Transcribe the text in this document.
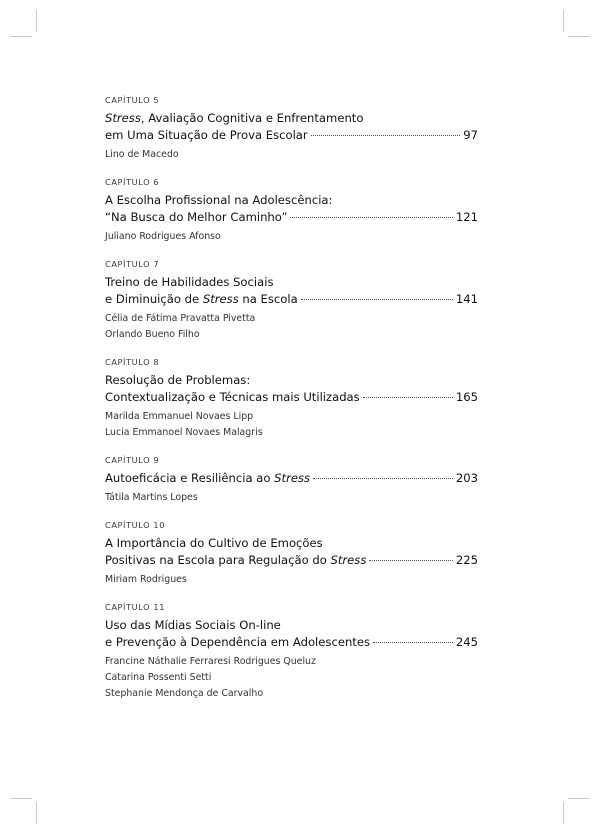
CAPÍTULO 5
Stress, Avaliação Cognitiva e Enfrentamento
em Uma Situação de Prova Escolar	97
Lino de Macedo
CAPÍTULO 6
A Escolha Profissional na Adolescência:
“Na Busca do Melhor Caminho”	121
Juliano Rodrigues Afonso
CAPÍTULO 7
Treino de Habilidades Sociais
e Diminuição de Stress na Escola	141
Célia de Fátima Pravatta Pivetta
Orlando Bueno Filho
CAPÍTULO 8
Resolução de Problemas:
Contextualização e Técnicas mais Utilizadas	165
Marilda Emmanuel Novaes Lipp
Lucia Emmanoel Novaes Malagris
CAPÍTULO 9
Autoeficácia e Resiliência ao Stress	203
Tátila Martins Lopes
CAPÍTULO 10
A Importância do Cultivo de Emoções
Positivas na Escola para Regulação do Stress	225
Miriam Rodrigues
CAPÍTULO 11
Uso das Mídias Sociais On-line
e Prevenção à Dependência em Adolescentes	245
Francine Náthalie Ferraresi Rodrigues Queluz
Catarina Possenti Setti
Stephanie Mendonça de Carvalho
